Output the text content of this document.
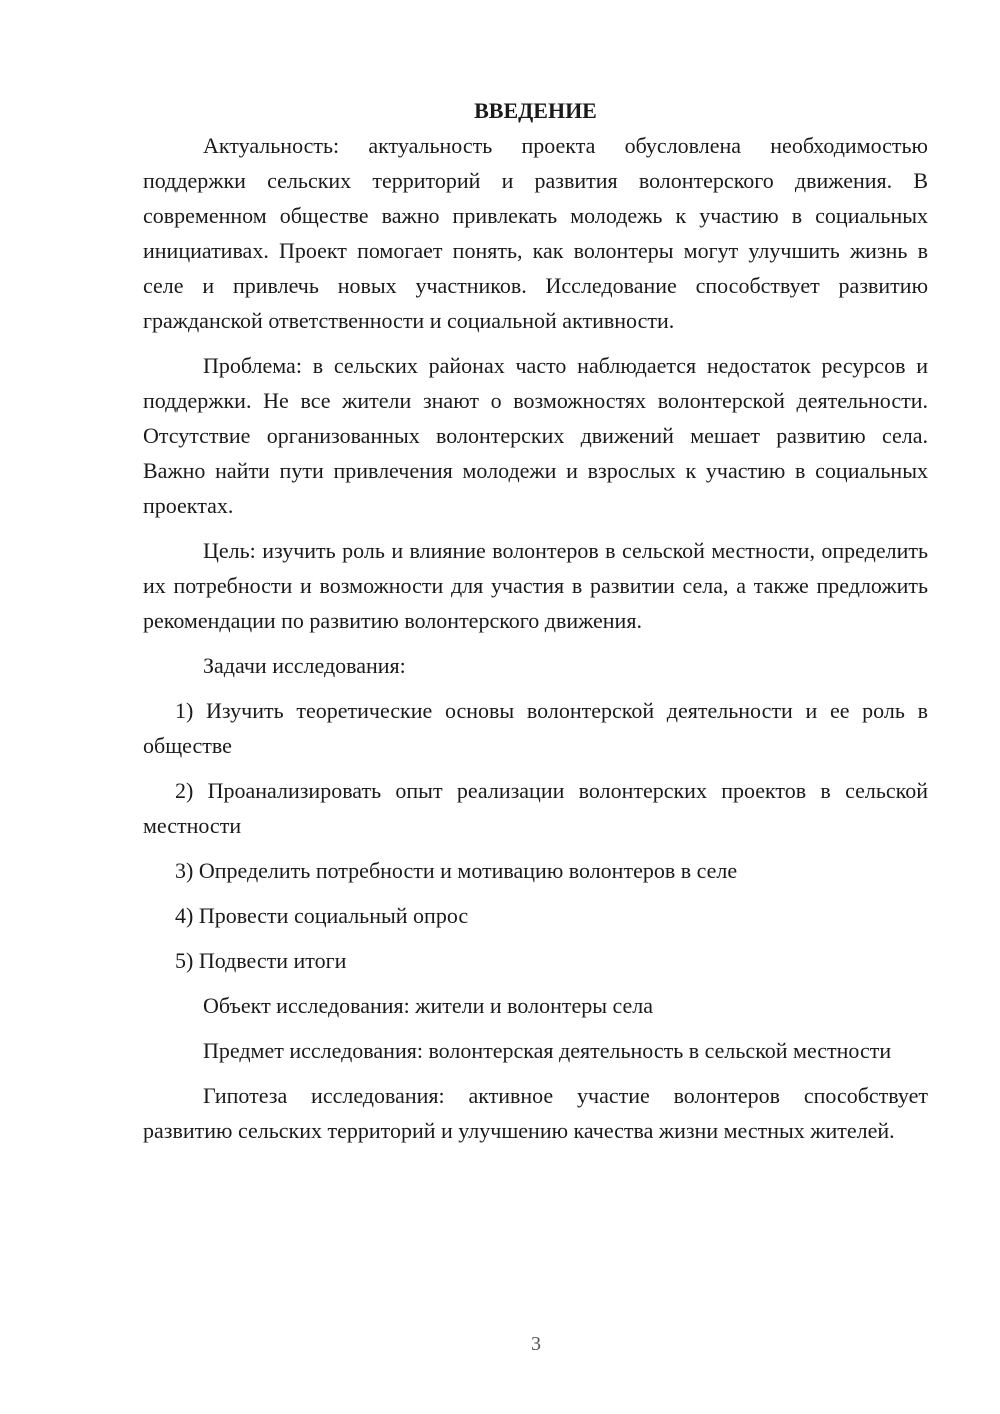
ВВЕДЕНИЕ

Актуальность: актуальность проекта обусловлена необходимостью поддержки сельских территорий и развития волонтерского движения. В современном обществе важно привлекать молодежь к участию в социальных инициативах. Проект помогает понять, как волонтеры могут улучшить жизнь в селе и привлечь новых участников. Исследование способствует развитию гражданской ответственности и социальной активности.

Проблема: в сельских районах часто наблюдается недостаток ресурсов и поддержки. Не все жители знают о возможностях волонтерской деятельности. Отсутствие организованных волонтерских движений мешает развитию села. Важно найти пути привлечения молодежи и взрослых к участию в социальных проектах.

Цель: изучить роль и влияние волонтеров в сельской местности, определить их потребности и возможности для участия в развитии села, а также предложить рекомендации по развитию волонтерского движения.

Задачи исследования:

1) Изучить теоретические основы волонтерской деятельности и ее роль в обществе

2) Проанализировать опыт реализации волонтерских проектов в сельской местности

3) Определить потребности и мотивацию волонтеров в селе

4) Провести социальный опрос

5) Подвести итоги

Объект исследования: жители и волонтеры села

Предмет исследования: волонтерская деятельность в сельской местности

Гипотеза исследования: активное участие волонтеров способствует развитию сельских территорий и улучшению качества жизни местных жителей.

3
